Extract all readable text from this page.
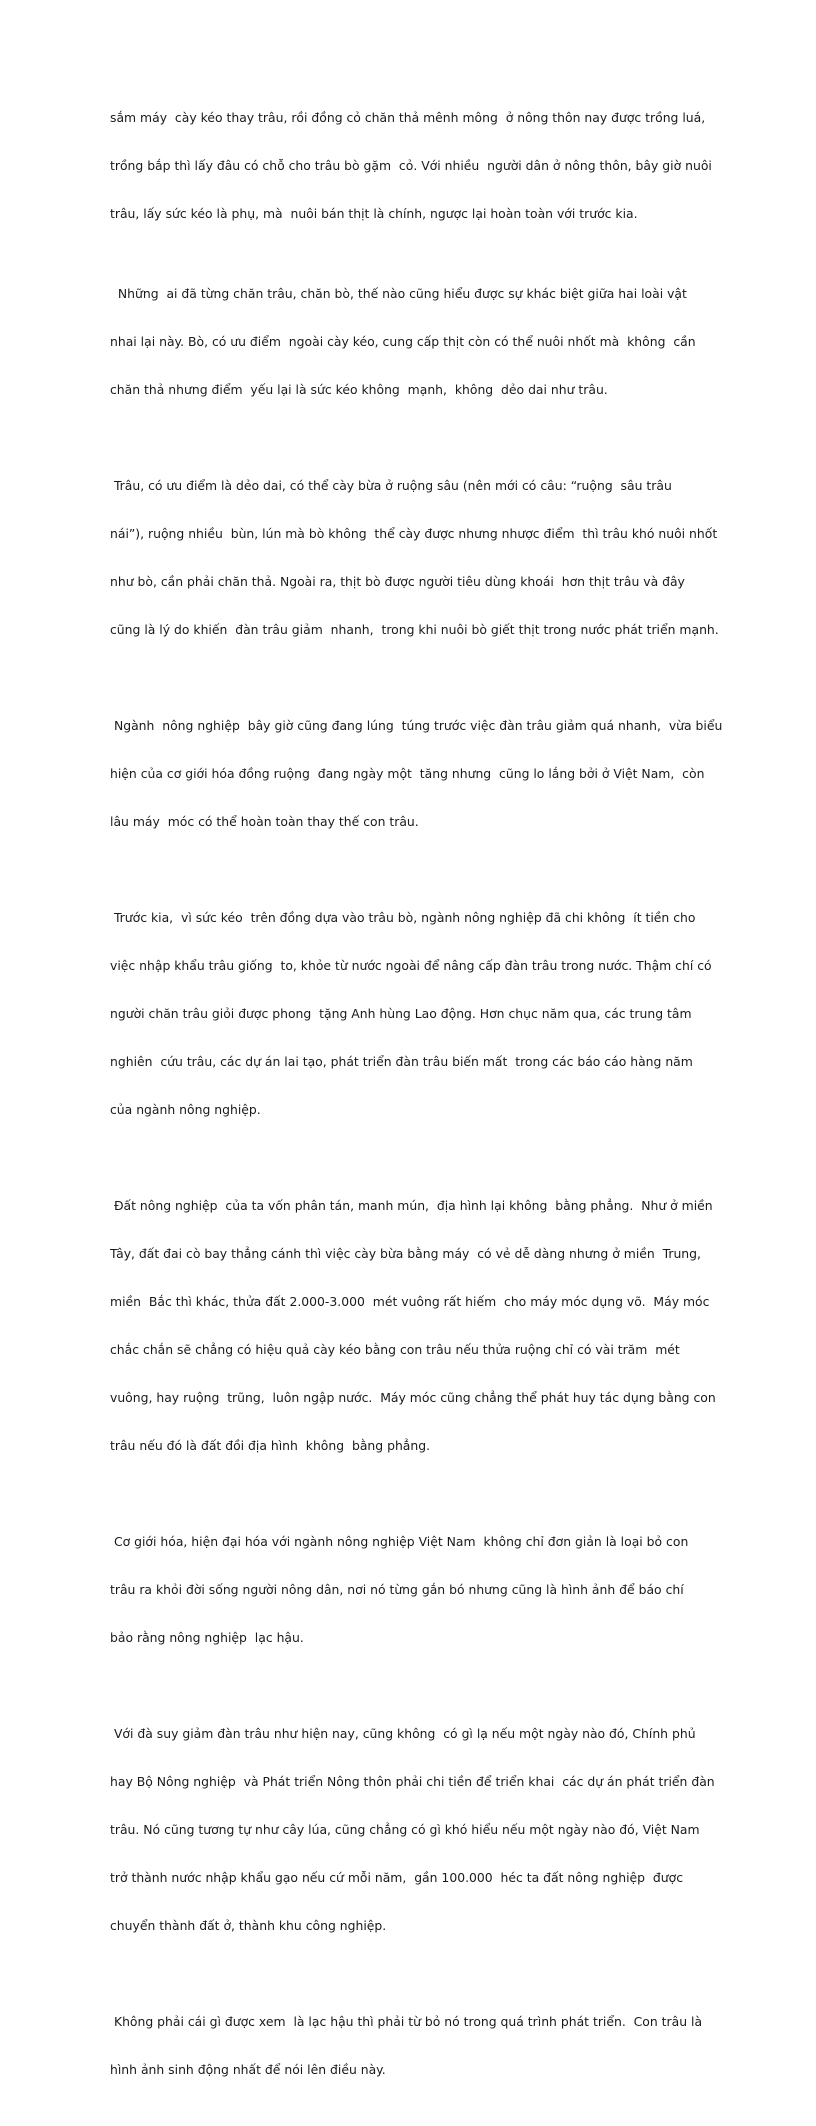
sắm máy  cày kéo thay trâu, rồi đồng cỏ chăn thả mênh mông  ở nông thôn nay được trồng luá,

trồng bắp thì lấy đâu có chỗ cho trâu bò gặm  cỏ. Với nhiều  người dân ở nông thôn, bây giờ nuôi

trâu, lấy sức kéo là phụ, mà  nuôi bán thịt là chính, ngược lại hoàn toàn với trước kia.

Những  ai đã từng chăn trâu, chăn bò, thế nào cũng hiểu được sự khác biệt giữa hai loài vật

nhai lại này. Bò, có ưu điểm  ngoài cày kéo, cung cấp thịt còn có thể nuôi nhốt mà  không  cần

chăn thả nhưng điểm  yếu lại là sức kéo không  mạnh,  không  dẻo dai như trâu.

Trâu, có ưu điểm là dẻo dai, có thể cày bừa ở ruộng sâu (nên mới có câu: “ruộng  sâu trâu

nái”), ruộng nhiều  bùn, lún mà bò không  thể cày được nhưng nhược điểm  thì trâu khó nuôi nhốt

như bò, cần phải chăn thả. Ngoài ra, thịt bò được người tiêu dùng khoái  hơn thịt trâu và đây

cũng là lý do khiến  đàn trâu giảm  nhanh,  trong khi nuôi bò giết thịt trong nước phát triển mạnh.

Ngành  nông nghiệp  bây giờ cũng đang lúng  túng trước việc đàn trâu giảm quá nhanh,  vừa biểu

hiện của cơ giới hóa đồng ruộng  đang ngày một  tăng nhưng  cũng lo lắng bởi ở Việt Nam,  còn

lâu máy  móc có thể hoàn toàn thay thế con trâu.

Trước kia,  vì sức kéo  trên đồng dựa vào trâu bò, ngành nông nghiệp đã chi không  ít tiền cho

việc nhập khẩu trâu giống  to, khỏe từ nước ngoài để nâng cấp đàn trâu trong nước. Thậm chí có

người chăn trâu giỏi được phong  tặng Anh hùng Lao động. Hơn chục năm qua, các trung tâm

nghiên  cứu trâu, các dự án lai tạo, phát triển đàn trâu biến mất  trong các báo cáo hàng năm

của ngành nông nghiệp.

Đất nông nghiệp  của ta vốn phân tán, manh mún,  địa hình lại không  bằng phẳng.  Như ở miền

Tây, đất đai cò bay thẳng cánh thì việc cày bừa bằng máy  có vẻ dễ dàng nhưng ở miền  Trung,

miền  Bắc thì khác, thửa đất 2.000-3.000  mét vuông rất hiếm  cho máy móc dụng võ.  Máy móc

chắc chắn sẽ chẳng có hiệu quả cày kéo bằng con trâu nếu thửa ruộng chỉ có vài trăm  mét

vuông, hay ruộng  trũng,  luôn ngập nước.  Máy móc cũng chẳng thể phát huy tác dụng bằng con

trâu nếu đó là đất đồi địa hình  không  bằng phẳng.

Cơ giới hóa, hiện đại hóa với ngành nông nghiệp Việt Nam  không chỉ đơn giản là loại bỏ con

trâu ra khỏi đời sống người nông dân, nơi nó từng gắn bó nhưng cũng là hình ảnh để báo chí

bảo rằng nông nghiệp  lạc hậu.

Với đà suy giảm đàn trâu như hiện nay, cũng không  có gì lạ nếu một ngày nào đó, Chính phủ

hay Bộ Nông nghiệp  và Phát triển Nông thôn phải chi tiền để triển khai  các dự án phát triển đàn

trâu. Nó cũng tương tự như cây lúa, cũng chẳng có gì khó hiểu nếu một ngày nào đó, Việt Nam

trở thành nước nhập khẩu gạo nếu cứ mỗi năm,  gần 100.000  héc ta đất nông nghiệp  được

chuyển thành đất ở, thành khu công nghiệp.

Không phải cái gì được xem  là lạc hậu thì phải từ bỏ nó trong quá trình phát triển.  Con trâu là

hình ảnh sinh động nhất để nói lên điều này.
